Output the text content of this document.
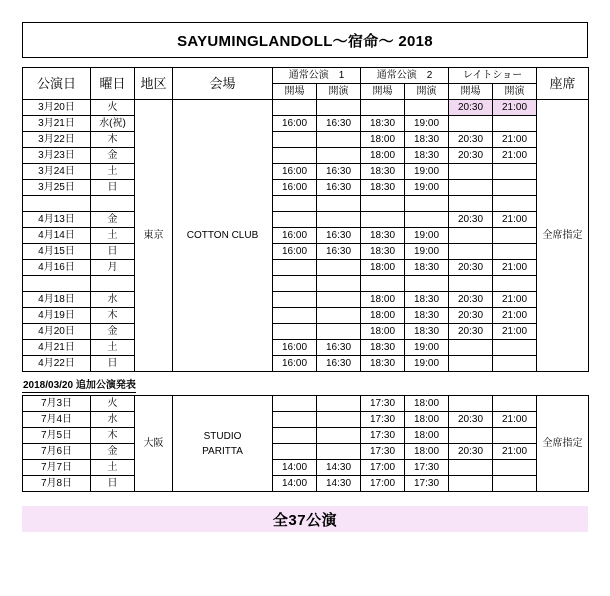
SAYUMINGLANDOLL〜宿命〜 2018
公演日	曜日	地区	会場	通常公演　1		通常公演　2		レイトショー		座席	
				開場	開演	開場	開演	開場	開演		
3月20日	火	東京	COTTON CLUB					20:30	21:00	全席指定	
3月21日	水(祝)			16:00	16:30	18:30	19:00				
3月22日	木					18:00	18:30	20:30	21:00		
3月23日	金					18:00	18:30	20:30	21:00		
3月24日	土			16:00	16:30	18:30	19:00				
3月25日	日			16:00	16:30	18:30	19:00				

4月13日	金							20:30	21:00		
4月14日	土			16:00	16:30	18:30	19:00				
4月15日	日			16:00	16:30	18:30	19:00				
4月16日	月					18:00	18:30	20:30	21:00		

4月18日	水					18:00	18:30	20:30	21:00		
4月19日	木					18:00	18:30	20:30	21:00		
4月20日	金					18:00	18:30	20:30	21:00		
4月21日	土			16:00	16:30	18:30	19:00				
4月22日	日			16:00	16:30	18:30	19:00				
2018/03/20 追加公演発表
7月3日	火	大阪	STUDIO
PARITTA			17:30	18:00			全席指定
7月4日	水					17:30	18:00	20:30	21:00	
7月5日	木					17:30	18:00			
7月6日	金					17:30	18:00	20:30	21:00	
7月7日	土			14:00	14:30	17:00	17:30			
7月8日	日			14:00	14:30	17:00	17:30			
全37公演
